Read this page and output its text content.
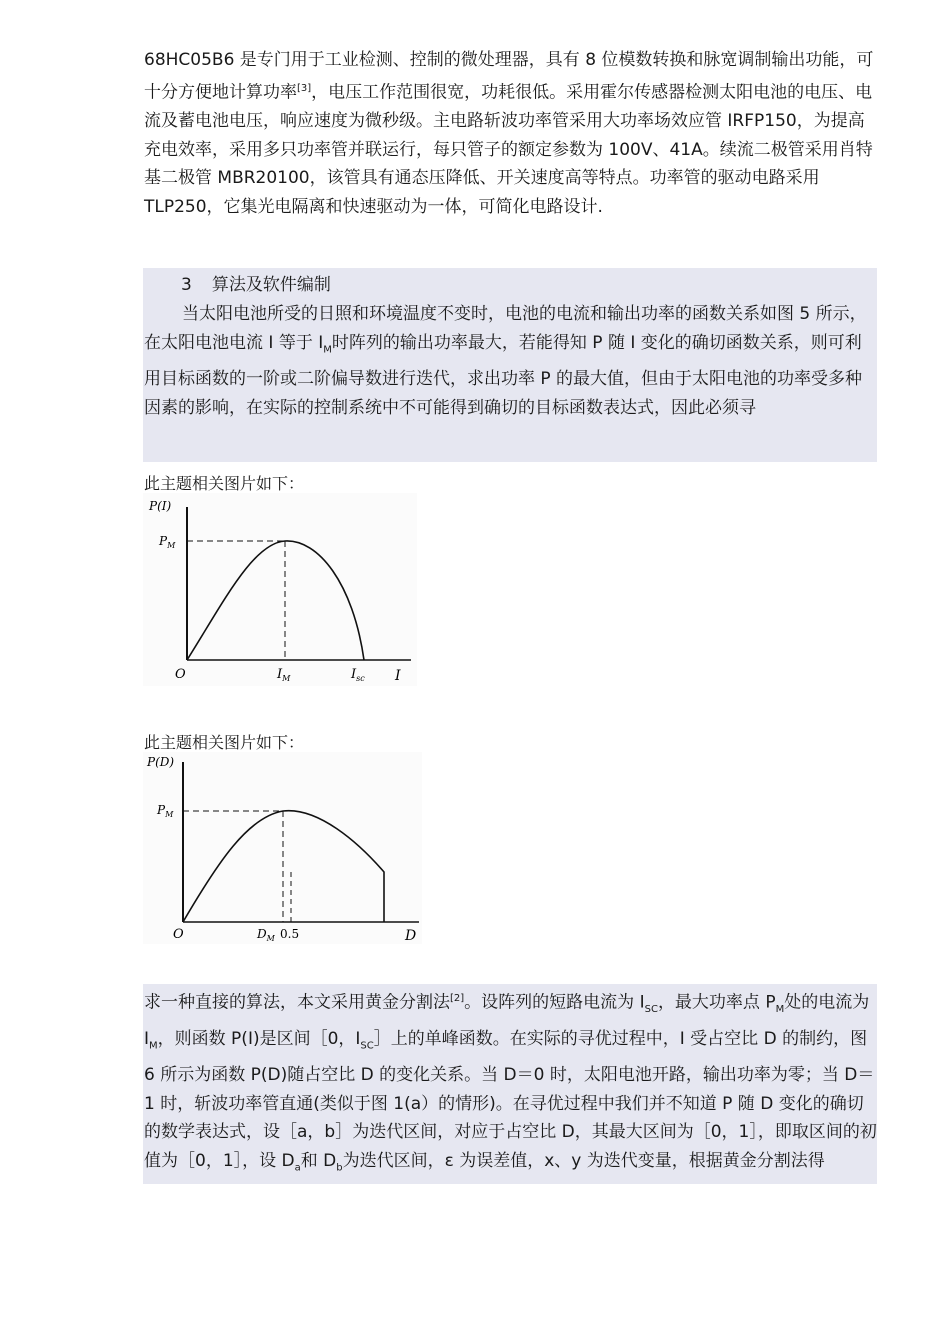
68HC05B6 是专门用于工业检测、控制的微处理器，具有 8 位模数转换和脉宽调制输出功能，可十分方便地计算功率[3]，电压工作范围很宽，功耗很低。采用霍尔传感器检测太阳电池的电压、电流及蓄电池电压，响应速度为微秒级。主电路斩波功率管采用大功率场效应管 IRFP150，为提高充电效率，采用多只功率管并联运行，每只管子的额定参数为 100V、41A。续流二极管采用肖特基二极管 MBR20100，该管具有通态压降低、开关速度高等特点。功率管的驱动电路采用 TLP250，它集光电隔离和快速驱动为一体，可简化电路设计.

3 算法及软件编制

当太阳电池所受的日照和环境温度不变时，电池的电流和输出功率的函数关系如图 5 所示，在太阳电池电流 I 等于 $I_M$时阵列的输出功率最大，若能得知 P 随 I 变化的确切函数关系，则可利用目标函数的一阶或二阶偏导数进行迭代，求出功率 P 的最大值，但由于太阳电池的功率受多种因素的影响，在实际的控制系统中不可能得到确切的目标函数表达式，因此必须寻

此主题相关图片如下：
P(I)
$P_M$
O	$I_M$	$I_{sc}$ I
此主题相关图片如下：
P(D)
$P_M$
O	$D_M$ 0.5	D

求一种直接的算法，本文采用黄金分割法[2]。设阵列的短路电流为 $I_{SC}$，最大功率点 $P_M$处的电流为 $I_M$，则函数 P(I)是区间［0，$I_{SC}]$上的单峰函数。在实际的寻优过程中，I 受占空比 D 的制约，图 6 所示为函数 P(D)随占空比 D 的变化关系。当 D＝0 时，太阳电池开路，输出功率为零；当 D＝1 时，斩波功率管直通(类似于图 1(a）的情形)。在寻优过程中我们并不知道 P 随 D 变化的确切的数学表达式，设［a，b］为迭代区间，对应于占空比 D，其最大区间为［0，1］，即取区间的初值为［0，1］，设 $D_a$和 $D_b$为迭代区间，ε 为误差值，x、y 为迭代变量，根据黄金分割法得
